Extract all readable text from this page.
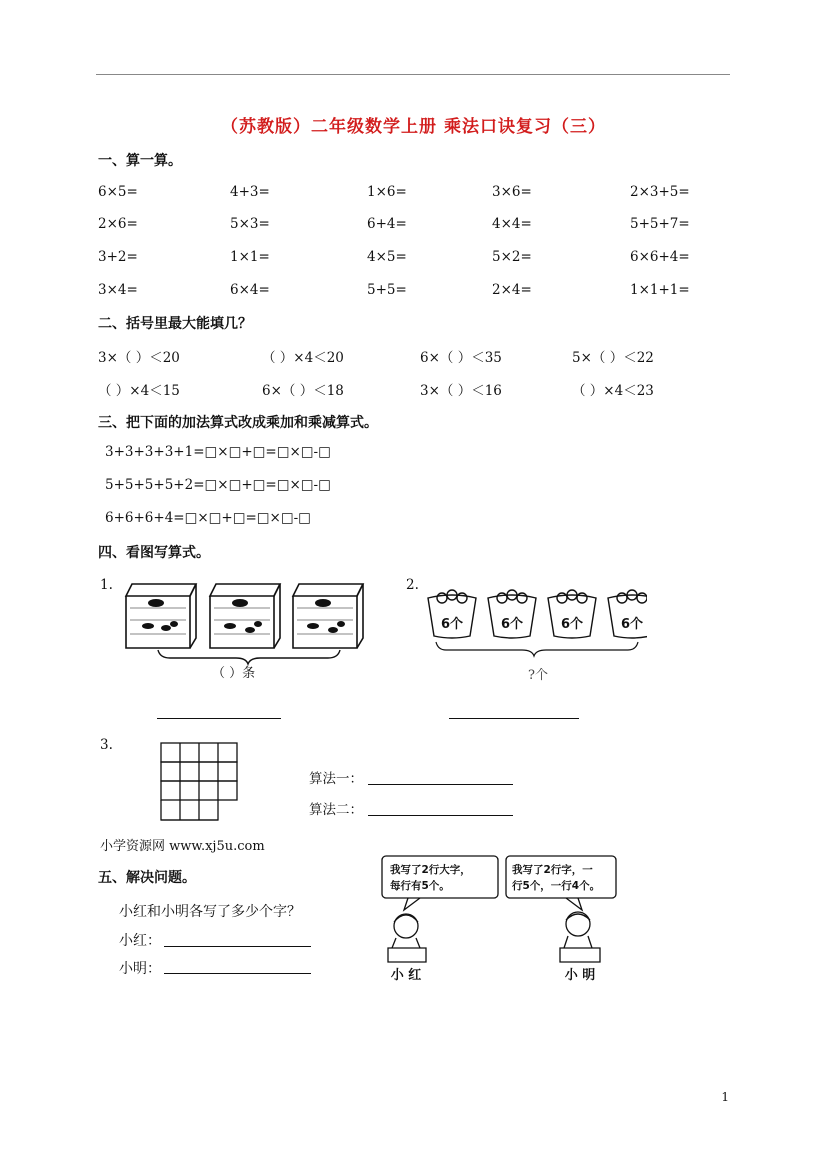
（苏教版）二年级数学上册 乘法口诀复习（三）
一、算一算。
6×5=	4+3=	1×6=	3×6=	2×3+5=
2×6=	5×3=	6+4=	4×4=	5+5+7=
3+2=	1×1=	4×5=	5×2=	6×6+4=
3×4=	6×4=	5+5=	2×4=	1×1+1=
二、括号里最大能填几？
3×（ ）＜20	（ ）×4＜20	6×（ ）＜35	5×（ ）＜22
（ ）×4＜15	6×（ ）＜18	3×（ ）＜16	（ ）×4＜23
三、把下面的加法算式改成乘加和乘减算式。
3+3+3+3+1=□×□+□=□×□-□
5+5+5+5+2=□×□+□=□×□-□
6+6+6+4=□×□+□=□×□-□
四、看图写算式。
1.
（ ）条
2.
6个	6个	6个	6个
?个
3.
算法一：
算法二：
小学资源网 www.xj5u.com
五、解决问题。
小红和小明各写了多少个字？
小红：
小明：
我写了2行大字，
每行有5个。
我写了2行字，一
行5个，一行4个。
小 红	小 明
1
